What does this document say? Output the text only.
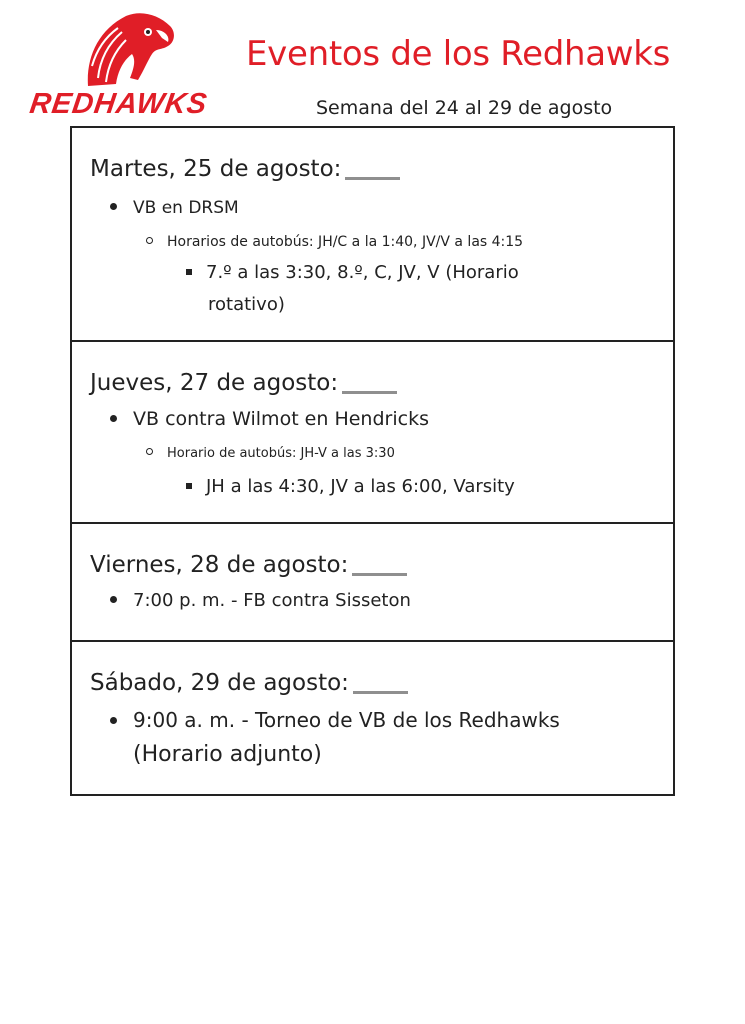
REDHAWKS
Eventos de los Redhawks
Semana del 24 al 29 de agosto
Martes, 25 de agosto:
VB en DRSM
Horarios de autobús: JH/C a la 1:40, JV/V a las 4:15
7.º a las 3:30, 8.º, C, JV, V (Horario
rotativo)
Jueves, 27 de agosto:
VB contra Wilmot en Hendricks
Horario de autobús: JH-V a las 3:30
JH a las 4:30, JV a las 6:00, Varsity
Viernes, 28 de agosto:
7:00 p. m. - FB contra Sisseton
Sábado, 29 de agosto:
9:00 a. m. - Torneo de VB de los Redhawks
(Horario adjunto)
